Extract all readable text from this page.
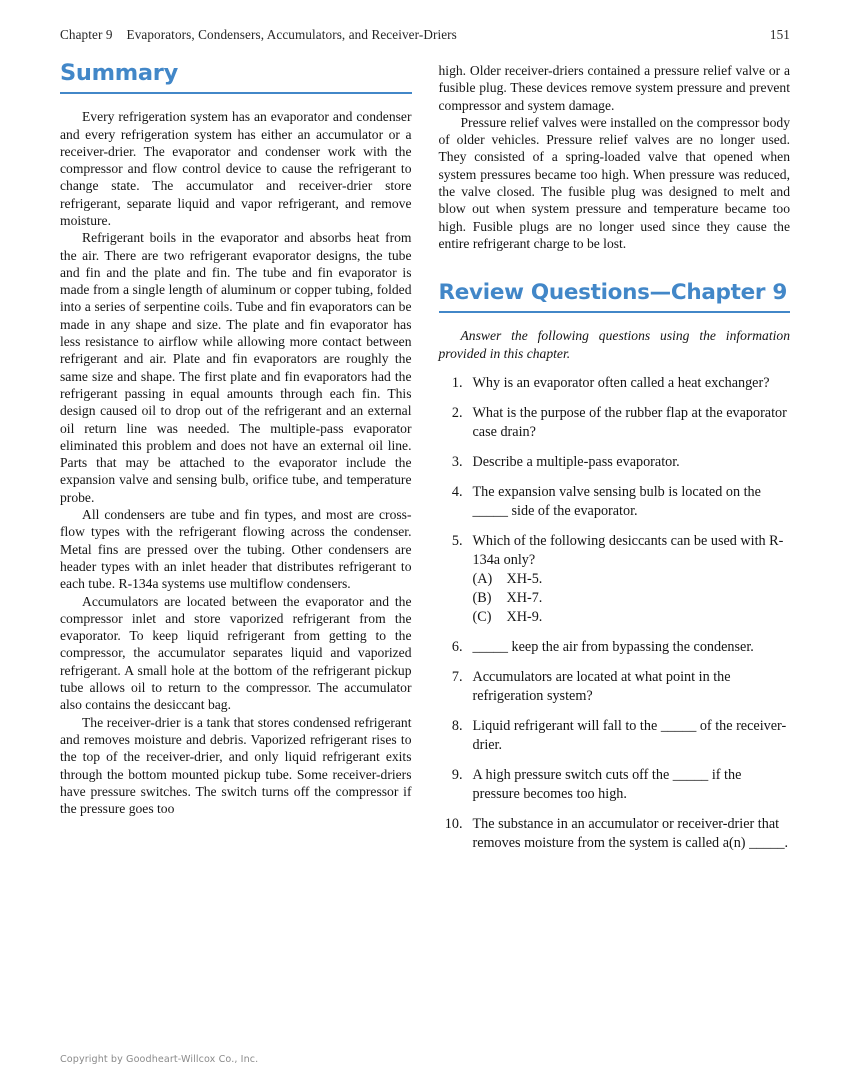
Chapter 9 Evaporators, Condensers, Accumulators, and Receiver-Driers	151
Summary

Every refrigeration system has an evaporator and condenser and every refrigeration system has either an accumulator or a receiver-drier. The evaporator and condenser work with the compressor and flow control device to cause the refrigerant to change state. The accumulator and receiver-drier store refrigerant, separate liquid and vapor refrigerant, and remove moisture.

Refrigerant boils in the evaporator and absorbs heat from the air. There are two refrigerant evaporator designs, the tube and fin and the plate and fin. The tube and fin evaporator is made from a single length of aluminum or copper tubing, folded into a series of serpentine coils. Tube and fin evaporators can be made in any shape and size. The plate and fin evaporator has less resistance to airflow while allowing more contact between refrigerant and air. Plate and fin evaporators are roughly the same size and shape. The first plate and fin evaporators had the refrigerant passing in equal amounts through each fin. This design caused oil to drop out of the refrigerant and an external oil return line was needed. The multiple-pass evaporator eliminated this problem and does not have an external oil line. Parts that may be attached to the evaporator include the expansion valve and sensing bulb, orifice tube, and temperature probe.

All condensers are tube and fin types, and most are cross-flow types with the refrigerant flowing across the condenser. Metal fins are pressed over the tubing. Other condensers are header types with an inlet header that distributes refrigerant to each tube. R-134a systems use multiflow condensers.

Accumulators are located between the evaporator and the compressor inlet and store vaporized refrigerant from the evaporator. To keep liquid refrigerant from getting to the compressor, the accumulator separates liquid and vaporized refrigerant. A small hole at the bottom of the refrigerant pickup tube allows oil to return to the compressor. The accumulator also contains the desiccant bag.

The receiver-drier is a tank that stores condensed refrigerant and removes moisture and debris. Vaporized refrigerant rises to the top of the receiver-drier, and only liquid refrigerant exits through the bottom mounted pickup tube. Some receiver-driers have pressure switches. The switch turns off the compressor if the pressure goes too

high. Older receiver-driers contained a pressure relief valve or a fusible plug. These devices remove system pressure and prevent compressor and system damage.

Pressure relief valves were installed on the compressor body of older vehicles. Pressure relief valves are no longer used. They consisted of a spring-loaded valve that opened when system pressures became too high. When pressure was reduced, the valve closed. The fusible plug was designed to melt and blow out when system pressure and temperature became too high. Fusible plugs are no longer used since they cause the entire refrigerant charge to be lost.

Review Questions—Chapter 9

Answer the following questions using the information provided in this chapter.

1. Why is an evaporator often called a heat exchanger?
2. What is the purpose of the rubber flap at the evaporator case drain?
3. Describe a multiple-pass evaporator.
4. The expansion valve sensing bulb is located on the _____ side of the evaporator.
5. Which of the following desiccants can be used with R-134a only?
(A)	XH-5.
(B)	XH-7.
(C)	XH-9.
6. _____ keep the air from bypassing the condenser.
7. Accumulators are located at what point in the refrigeration system?
8. Liquid refrigerant will fall to the _____ of the receiver-drier.
9. A high pressure switch cuts off the _____ if the pressure becomes too high.
10. The substance in an accumulator or receiver-drier that removes moisture from the system is called a(n) _____.
Copyright by Goodheart-Willcox Co., Inc.
